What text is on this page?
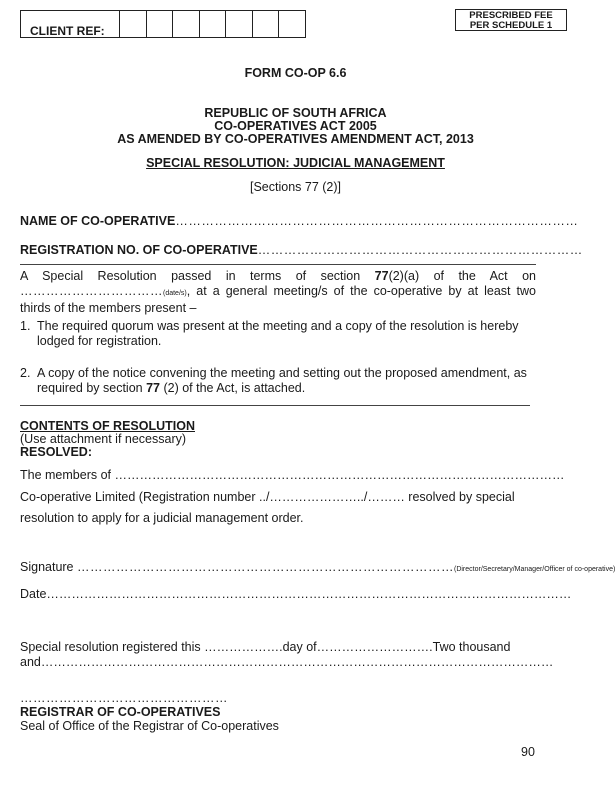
CLIENT REF:
PRESCRIBED FEE
PER SCHEDULE 1
FORM CO-OP 6.6
REPUBLIC OF SOUTH AFRICA
CO-OPERATIVES ACT 2005
AS AMENDED BY CO-OPERATIVES AMENDMENT ACT, 2013
SPECIAL RESOLUTION: JUDICIAL MANAGEMENT
[Sections 77 (2)]
NAME OF CO-OPERATIVE…………………………………………………………………………………
REGISTRATION NO. OF CO-OPERATIVE…………………………………………………………………
A Special Resolution passed in terms of section 77(2)(a) of the Act on ……………………………(date/s), at a general meeting/s of the co-operative by at least two thirds of the members present –
1. The required quorum was present at the meeting and a copy of the resolution is hereby lodged for registration.
2. A copy of the notice convening the meeting and setting out the proposed amendment, as required by section 77 (2) of the Act, is attached.
CONTENTS OF RESOLUTION
(Use attachment if necessary)
RESOLVED:
The members of ………………………………………………………………………………………………
Co-operative Limited (Registration number ../…………………../……… resolved by special
resolution to apply for a judicial management order.
Signature ……………………………………………………………………………(Director/Secretary/Manager/Officer of co-operative)
Date………………………………………………………………………………………………………………
Special resolution registered this ……………….day of……………………….Two thousand
and……………………………………………………………………………………………………………
…………………………………………
REGISTRAR OF CO-OPERATIVES
Seal of Office of the Registrar of Co-operatives
90
